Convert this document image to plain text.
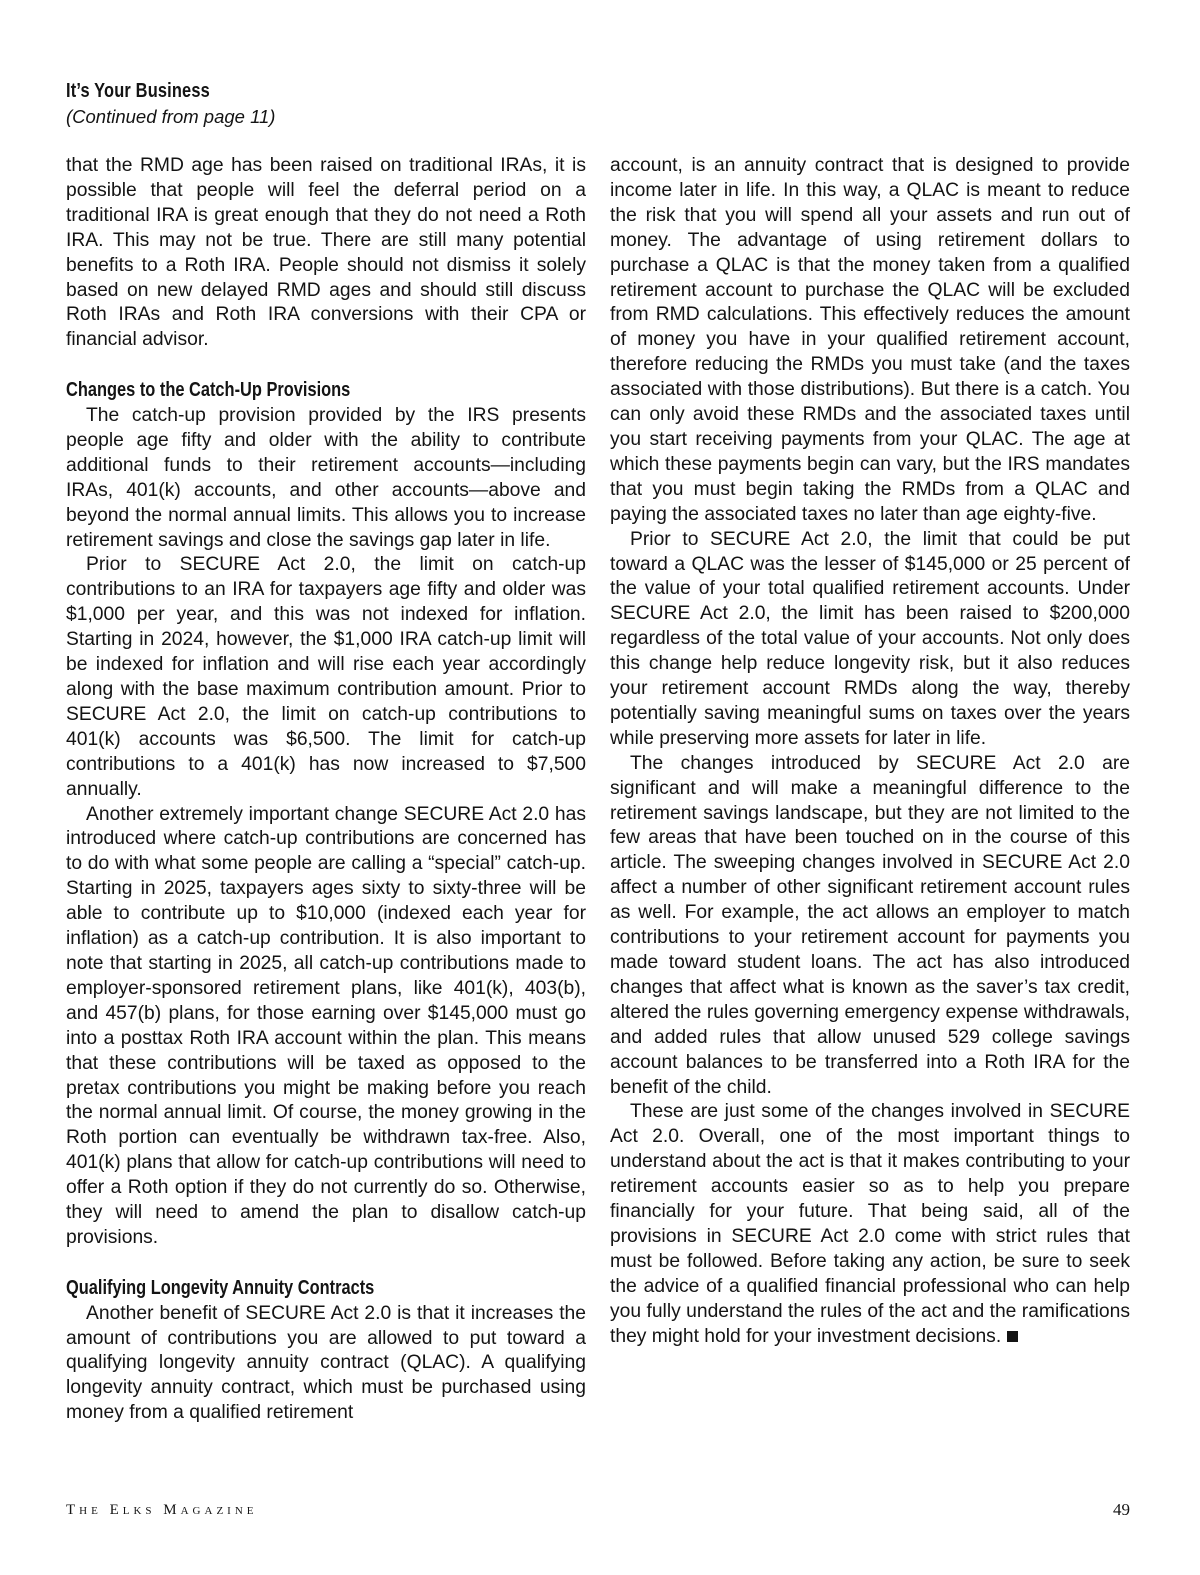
It’s Your Business

(Continued from page 11)

that the RMD age has been raised on traditional IRAs, it is possible that people will feel the deferral period on a traditional IRA is great enough that they do not need a Roth IRA. This may not be true. There are still many potential benefits to a Roth IRA. People should not dismiss it solely based on new delayed RMD ages and should still discuss Roth IRAs and Roth IRA conversions with their CPA or financial advisor.

Changes to the Catch-Up Provisions

The catch-up provision provided by the IRS presents people age fifty and older with the ability to contribute additional funds to their retirement accounts—including IRAs, 401(k) accounts, and other accounts—above and beyond the normal annual limits. This allows you to increase retirement savings and close the savings gap later in life.

Prior to SECURE Act 2.0, the limit on catch-up contributions to an IRA for taxpayers age fifty and older was $1,000 per year, and this was not indexed for inflation. Starting in 2024, however, the $1,000 IRA catch-up limit will be indexed for inflation and will rise each year accordingly along with the base maximum contribution amount. Prior to SECURE Act 2.0, the limit on catch-up contributions to 401(k) accounts was $6,500. The limit for catch-up contributions to a 401(k) has now increased to $7,500 annually.

Another extremely important change SECURE Act 2.0 has introduced where catch-up contributions are concerned has to do with what some people are calling a “special” catch-up. Starting in 2025, taxpayers ages sixty to sixty-three will be able to contribute up to $10,000 (indexed each year for inflation) as a catch-up contribution. It is also important to note that starting in 2025, all catch-up contributions made to employer-sponsored retirement plans, like 401(k), 403(b), and 457(b) plans, for those earning over $145,000 must go into a posttax Roth IRA account within the plan. This means that these contributions will be taxed as opposed to the pretax contributions you might be making before you reach the normal annual limit. Of course, the money growing in the Roth portion can eventually be withdrawn tax-free. Also, 401(k) plans that allow for catch-up contributions will need to offer a Roth option if they do not currently do so. Otherwise, they will need to amend the plan to disallow catch-up provisions.

Qualifying Longevity Annuity Contracts

Another benefit of SECURE Act 2.0 is that it increases the amount of contributions you are allowed to put toward a qualifying longevity annuity contract (QLAC). A qualifying longevity annuity contract, which must be purchased using money from a qualified retirement

account, is an annuity contract that is designed to provide income later in life. In this way, a QLAC is meant to reduce the risk that you will spend all your assets and run out of money. The advantage of using retirement dollars to purchase a QLAC is that the money taken from a qualified retirement account to purchase the QLAC will be excluded from RMD calculations. This effectively reduces the amount of money you have in your qualified retirement account, therefore reducing the RMDs you must take (and the taxes associated with those distributions). But there is a catch. You can only avoid these RMDs and the associated taxes until you start receiving payments from your QLAC. The age at which these payments begin can vary, but the IRS mandates that you must begin taking the RMDs from a QLAC and paying the associated taxes no later than age eighty-five.

Prior to SECURE Act 2.0, the limit that could be put toward a QLAC was the lesser of $145,000 or 25 percent of the value of your total qualified retirement accounts. Under SECURE Act 2.0, the limit has been raised to $200,000 regardless of the total value of your accounts. Not only does this change help reduce longevity risk, but it also reduces your retirement account RMDs along the way, thereby potentially saving meaningful sums on taxes over the years while preserving more assets for later in life.

The changes introduced by SECURE Act 2.0 are significant and will make a meaningful difference to the retirement savings landscape, but they are not limited to the few areas that have been touched on in the course of this article. The sweeping changes involved in SECURE Act 2.0 affect a number of other significant retirement account rules as well. For example, the act allows an employer to match contributions to your retirement account for payments you made toward student loans. The act has also introduced changes that affect what is known as the saver’s tax credit, altered the rules governing emergency expense withdrawals, and added rules that allow unused 529 college savings account balances to be transferred into a Roth IRA for the benefit of the child.

These are just some of the changes involved in SECURE Act 2.0. Overall, one of the most important things to understand about the act is that it makes contributing to your retirement accounts easier so as to help you prepare financially for your future. That being said, all of the provisions in SECURE Act 2.0 come with strict rules that must be followed. Before taking any action, be sure to seek the advice of a qualified financial professional who can help you fully understand the rules of the act and the ramifications they might hold for your investment decisions.

The Elks Magazine	49
